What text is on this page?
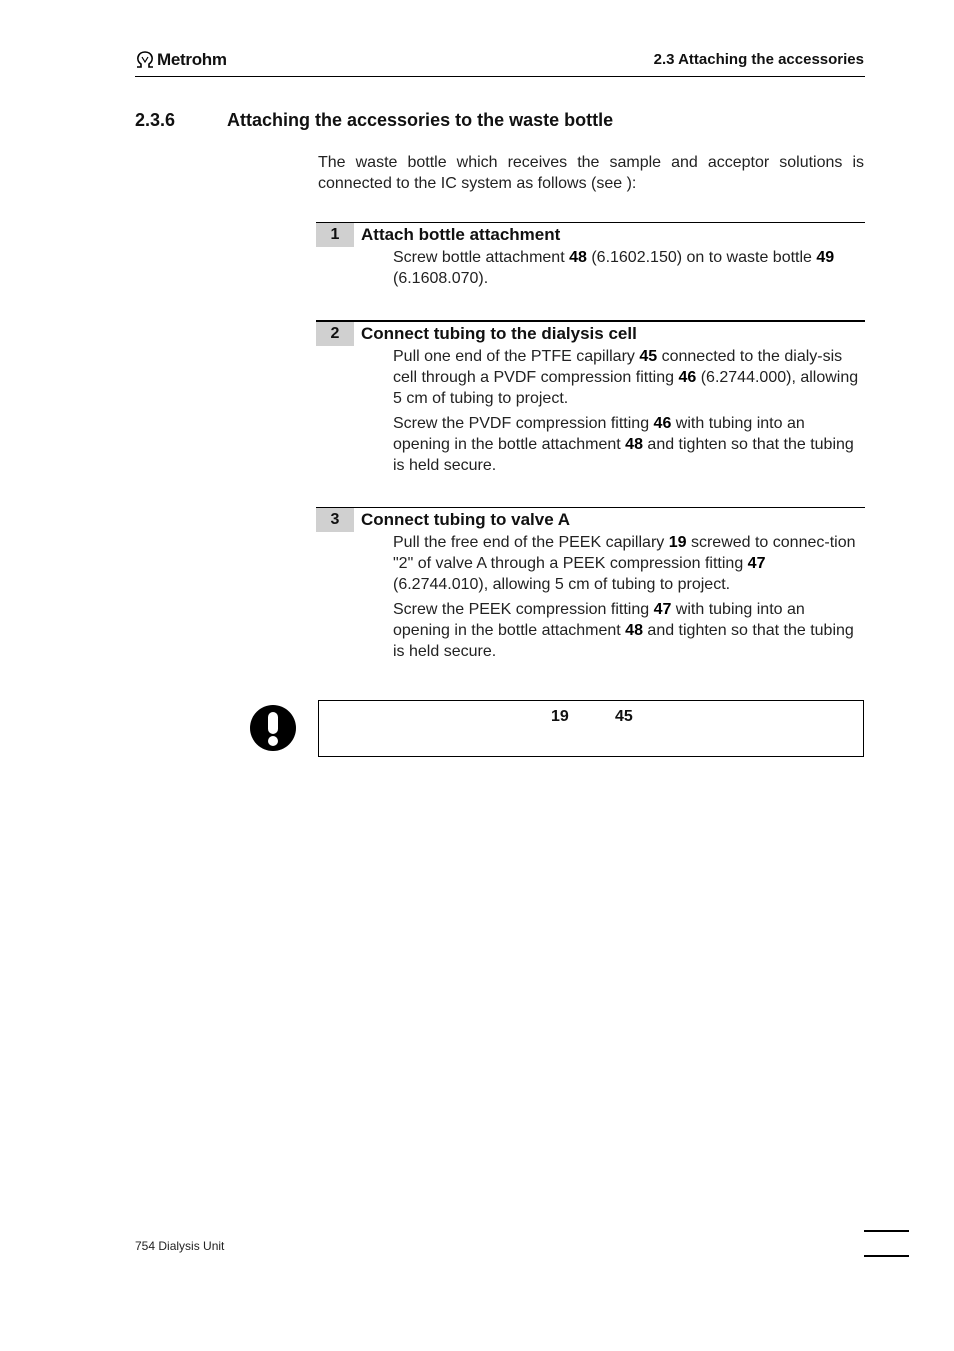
Metrohm	2.3 Attaching the accessories
2.3.6	Attaching the accessories to the waste bottle
The waste bottle which receives the sample and acceptor solutions is connected to the IC system as follows (see ):
1	Attach bottle attachment

Screw bottle attachment 48 (6.1602.150) on to waste bottle 49 (6.1608.070).

2	Connect tubing to the dialysis cell

Pull one end of the PTFE capillary 45 connected to the dialy-sis cell through a PVDF compression fitting 46 (6.2744.000), allowing 5 cm of tubing to project.

Screw the PVDF compression fitting 46 with tubing into an opening in the bottle attachment 48 and tighten so that the tubing is held secure.

3	Connect tubing to valve A

Pull the free end of the PEEK capillary 19 screwed to connec-tion "2" of valve A through a PEEK compression fitting 47 (6.2744.010), allowing 5 cm of tubing to project.

Screw the PEEK compression fitting 47 with tubing into an opening in the bottle attachment 48 and tighten so that the tubing is held secure.

19	45
754 Dialysis Unit
